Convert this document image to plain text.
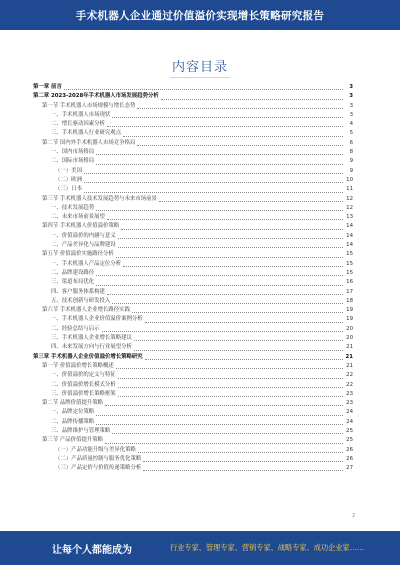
手术机器人企业通过价值溢价实现增长策略研究报告
内容目录
第一章 前言	3
第二章 2023-2028年手术机器人市场发展趋势分析	3
第一节 手术机器人市场规模与增长态势	3
一、手术机器人市场现状	3
二、增长驱动因素分析	4
三、手术机器人行业研究观点	5
第二节 国内外手术机器人市场竞争格局	6
一、国内市场格局	8
二、国际市场格局	9
（一）美国	9
（二）欧洲	10
（三）日本	11
第三节 手术机器人技术发展趋势与未来市场前景	12
一、技术发展趋势	12
二、未来市场前景展望	13
第四节 手术机器人价值溢价策略	14
一、价值溢价的内涵与意义	14
二、产品差异化与品牌建设	14
第五节 价值溢价实施路径分析	15
一、手术机器人产品定位分析	15
二、品牌建设路径	15
三、渠道布局优化	16
四、客户服务体系构建	17
五、技术创新与研发投入	18
第六节 手术机器人企业增长路径实践	19
一、手术机器人企业价值溢价案例分析	19
二、经验总结与启示	20
三、手术机器人企业增长策略建议	20
四、未来发展方向与行业展望分析	21
第三章 手术机器人企业价值溢价增长策略研究	21
第一节 价值溢价增长策略概述	21
一、价值溢价的定义与特征	22
二、价值溢价增长模式分析	22
三、价值溢价增长策略框架	23
第二节 品牌价值提升策略	23
一、品牌定位策略	24
二、品牌传播策略	24
三、品牌维护与管理策略	25
第三节 产品价值提升策略	25
（一）产品功能升级与差异化策略	26
（二）产品质量控制与服务优化策略	26
（三）产品定价与价值传递策略分析	27
2
让每个人都能成为	行业专家、管理专家、营销专家、战略专家、成功企业家……
